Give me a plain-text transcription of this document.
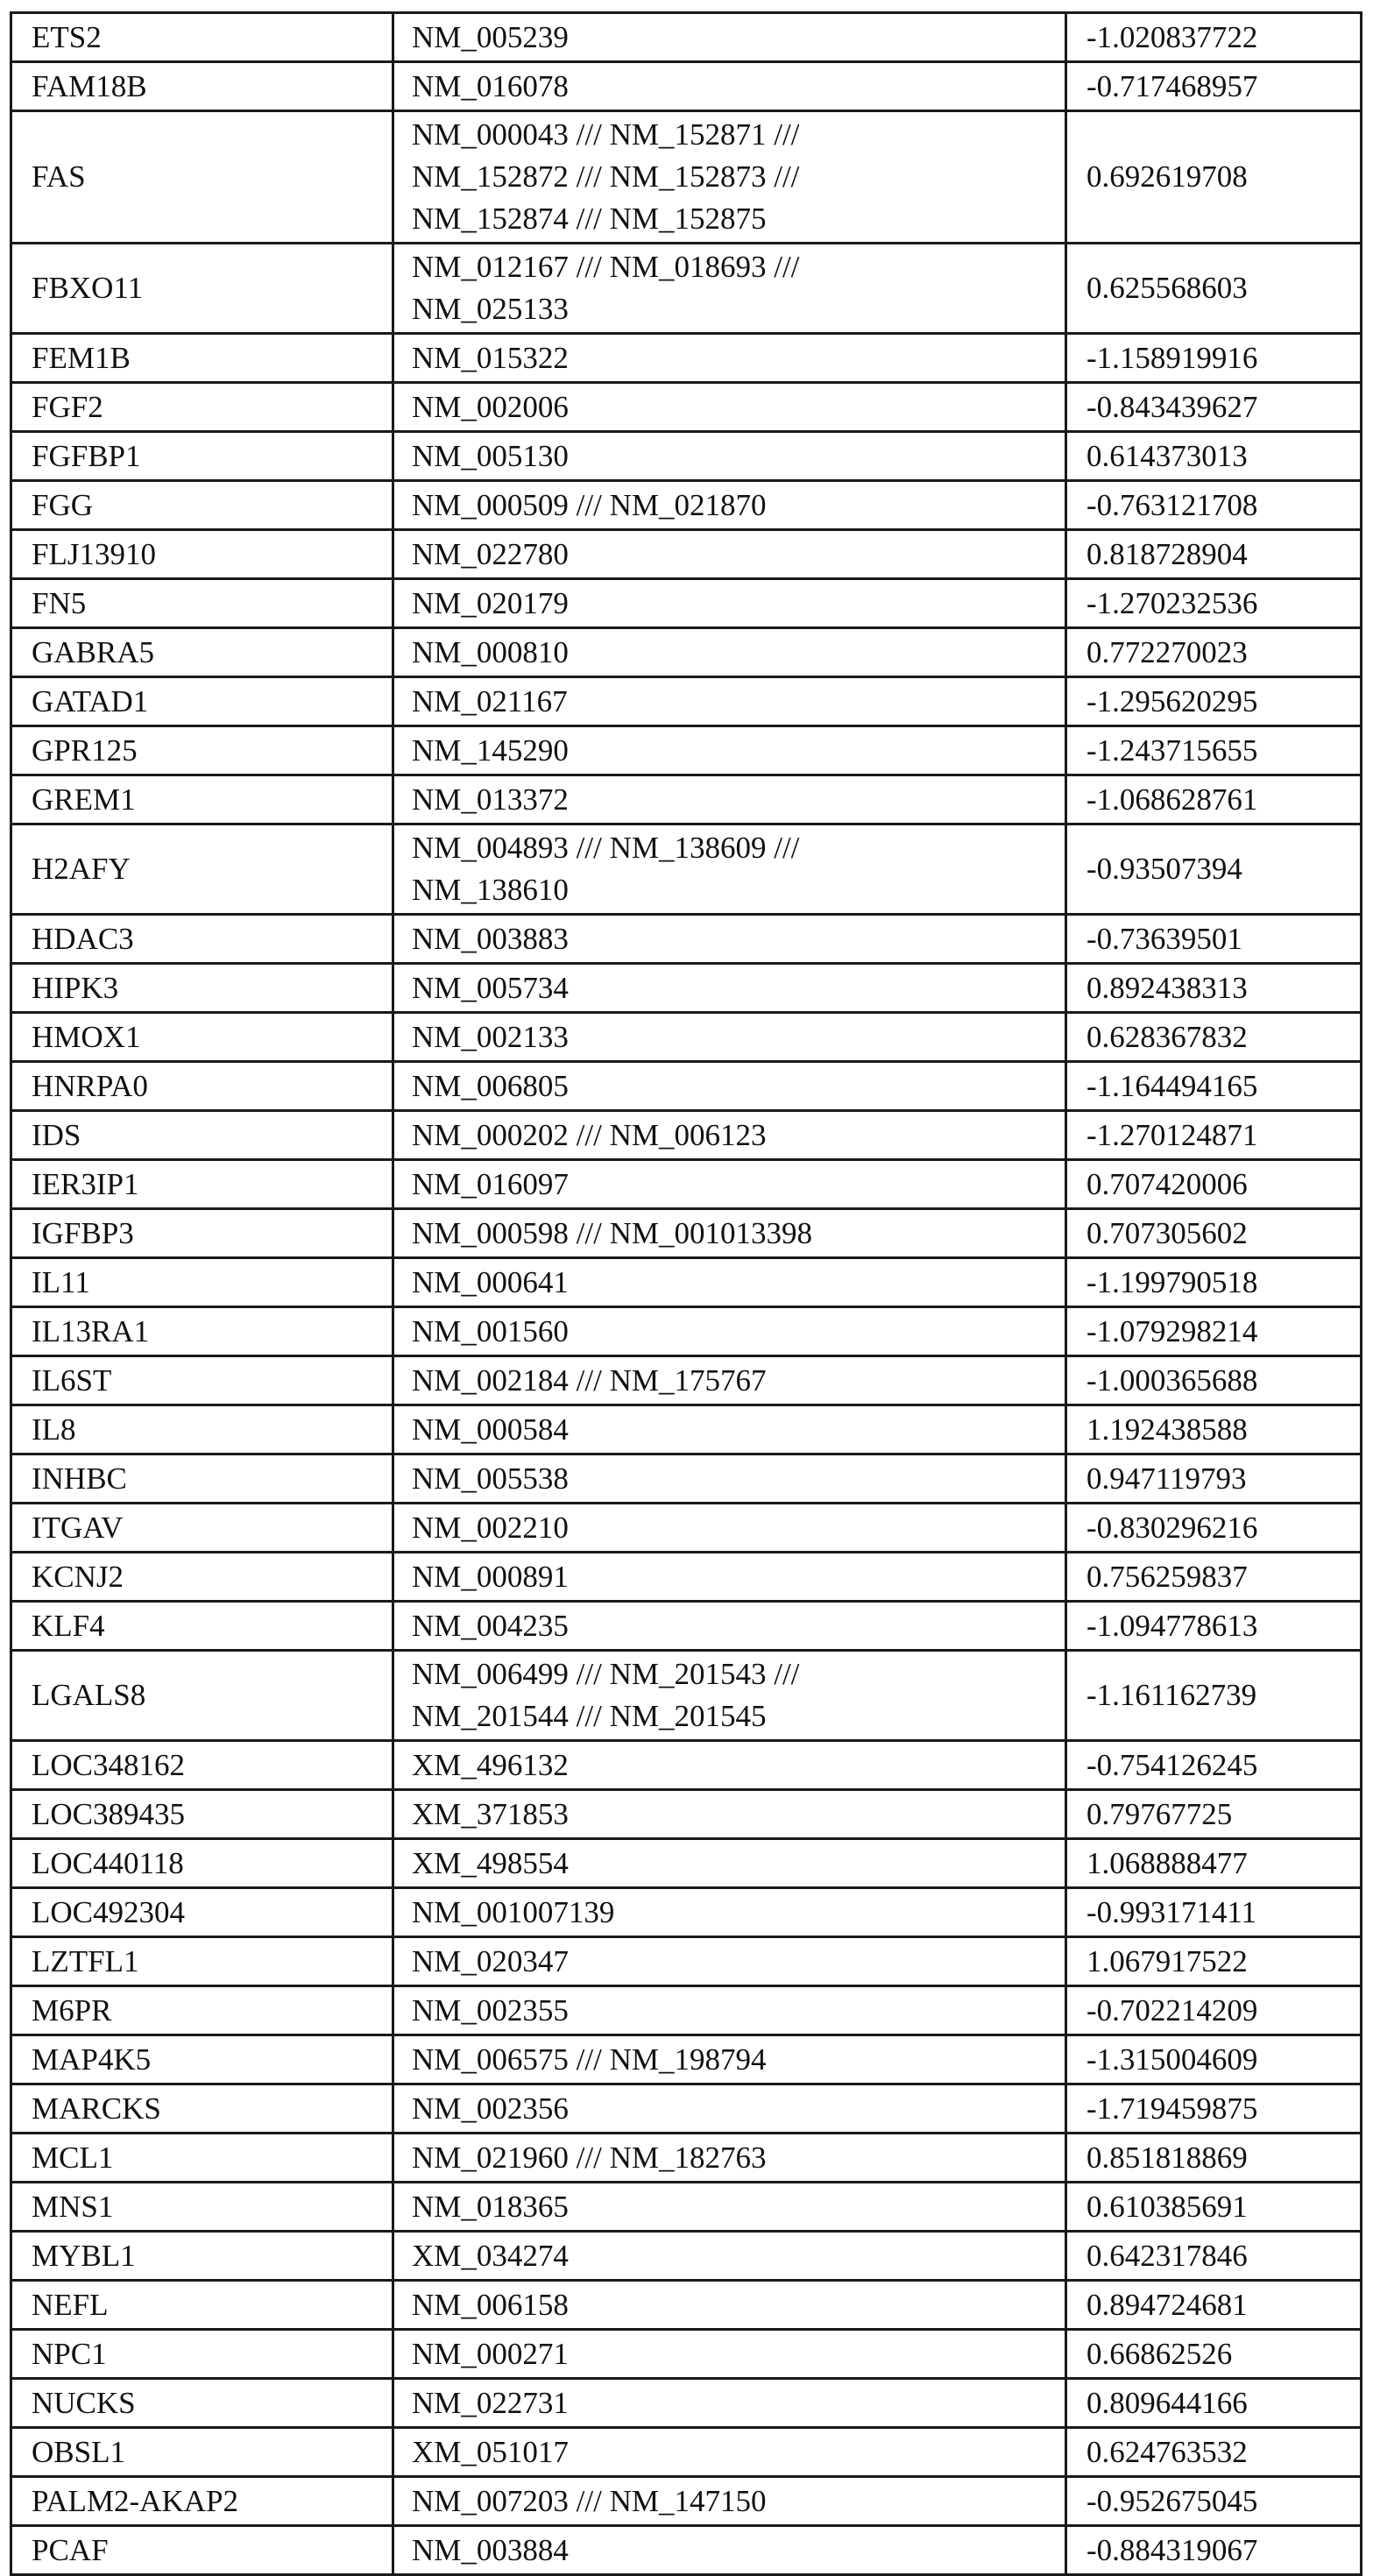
ETS2	NM_005239	-1.020837722
FAM18B	NM_016078	-0.717468957
FAS	NM_000043 /// NM_152871 ///
NM_152872 /// NM_152873 ///
NM_152874 /// NM_152875	0.692619708
FBXO11	NM_012167 /// NM_018693 ///
NM_025133	0.625568603
FEM1B	NM_015322	-1.158919916
FGF2	NM_002006	-0.843439627
FGFBP1	NM_005130	0.614373013
FGG	NM_000509 /// NM_021870	-0.763121708
FLJ13910	NM_022780	0.818728904
FN5	NM_020179	-1.270232536
GABRA5	NM_000810	0.772270023
GATAD1	NM_021167	-1.295620295
GPR125	NM_145290	-1.243715655
GREM1	NM_013372	-1.068628761
H2AFY	NM_004893 /// NM_138609 ///
NM_138610	-0.93507394
HDAC3	NM_003883	-0.73639501
HIPK3	NM_005734	0.892438313
HMOX1	NM_002133	0.628367832
HNRPA0	NM_006805	-1.164494165
IDS	NM_000202 /// NM_006123	-1.270124871
IER3IP1	NM_016097	0.707420006
IGFBP3	NM_000598 /// NM_001013398	0.707305602
IL11	NM_000641	-1.199790518
IL13RA1	NM_001560	-1.079298214
IL6ST	NM_002184 /// NM_175767	-1.000365688
IL8	NM_000584	1.192438588
INHBC	NM_005538	0.947119793
ITGAV	NM_002210	-0.830296216
KCNJ2	NM_000891	0.756259837
KLF4	NM_004235	-1.094778613
LGALS8	NM_006499 /// NM_201543 ///
NM_201544 /// NM_201545	-1.161162739
LOC348162	XM_496132	-0.754126245
LOC389435	XM_371853	0.79767725
LOC440118	XM_498554	1.068888477
LOC492304	NM_001007139	-0.993171411
LZTFL1	NM_020347	1.067917522
M6PR	NM_002355	-0.702214209
MAP4K5	NM_006575 /// NM_198794	-1.315004609
MARCKS	NM_002356	-1.719459875
MCL1	NM_021960 /// NM_182763	0.851818869
MNS1	NM_018365	0.610385691
MYBL1	XM_034274	0.642317846
NEFL	NM_006158	0.894724681
NPC1	NM_000271	0.66862526
NUCKS	NM_022731	0.809644166
OBSL1	XM_051017	0.624763532
PALM2-AKAP2	NM_007203 /// NM_147150	-0.952675045
PCAF	NM_003884	-0.884319067
